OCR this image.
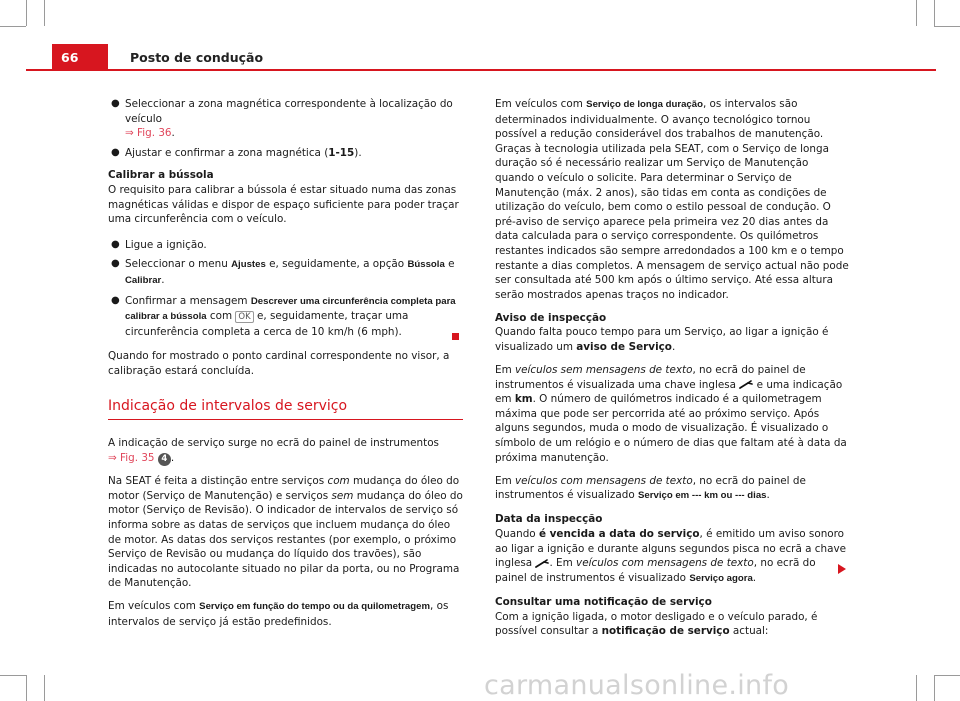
66	Posto de condução
● Seleccionar a zona magnética correspondente à localização do veículo
⇒ Fig. 36.
● Ajustar e confirmar a zona magnética (1-15).

Calibrar a bússola

O requisito para calibrar a bússola é estar situado numa das zonas magnéticas válidas e dispor de espaço suficiente para poder traçar uma circunferência com o veículo.

● Ligue a ignição.
● Seleccionar o menu Ajustes e, seguidamente, a opção Bússola e Calibrar.
● Confirmar a mensagem Descrever uma circunferência completa para calibrar a bússola com OK e, seguidamente, traçar uma circunferência completa a cerca de 10 km/h (6 mph).

Quando for mostrado o ponto cardinal correspondente no visor, a calibração estará concluída.

Indicação de intervalos de serviço

A indicação de serviço surge no ecrã do painel de instrumentos
⇒ Fig. 35 4 .

Na SEAT é feita a distinção entre serviços com mudança do óleo do motor (Serviço de Manutenção) e serviços sem mudança do óleo do motor (Serviço de Revisão). O indicador de intervalos de serviço só informa sobre as datas de serviços que incluem mudança do óleo de motor. As datas dos serviços restantes (por exemplo, o próximo Serviço de Revisão ou mudança do líquido dos travões), são indicadas no autocolante situado no pilar da porta, ou no Programa de Manutenção.

Em veículos com Serviço em função do tempo ou da quilometragem, os intervalos de serviço já estão predefinidos.

Em veículos com Serviço de longa duração, os intervalos são determinados individualmente. O avanço tecnológico tornou possível a redução considerável dos trabalhos de manutenção. Graças à tecnologia utilizada pela SEAT, com o Serviço de longa duração só é necessário realizar um Serviço de Manutenção quando o veículo o solicite. Para determinar o Serviço de Manutenção (máx. 2 anos), são tidas em conta as condições de utilização do veículo, bem como o estilo pessoal de condução. O pré-aviso de serviço aparece pela primeira vez 20 dias antes da data calculada para o serviço correspondente. Os quilómetros restantes indicados são sempre arredondados a 100 km e o tempo restante a dias completos. A mensagem de serviço actual não pode ser consultada até 500 km após o último serviço. Até essa altura serão mostrados apenas traços no indicador.

Aviso de inspecção

Quando falta pouco tempo para um Serviço, ao ligar a ignição é visualizado um aviso de Serviço.

Em veículos sem mensagens de texto, no ecrã do painel de instrumentos é visualizada uma chave inglesa  e uma indicação em km. O número de quilómetros indicado é a quilometragem máxima que pode ser percorrida até ao próximo serviço. Após alguns segundos, muda o modo de visualização. É visualizado o símbolo de um relógio e o número de dias que faltam até à data da próxima manutenção.

Em veículos com mensagens de texto, no ecrã do painel de instrumentos é visualizado Serviço em --- km ou --- dias.

Data da inspecção

Quando é vencida a data do serviço, é emitido um aviso sonoro ao ligar a ignição e durante alguns segundos pisca no ecrã a chave inglesa . Em veículos com mensagens de texto, no ecrã do painel de instrumentos é visualizado Serviço agora.

Consultar uma notificação de serviço

Com a ignição ligada, o motor desligado e o veículo parado, é possível consultar a notificação de serviço actual:

carmanualsonline.info
